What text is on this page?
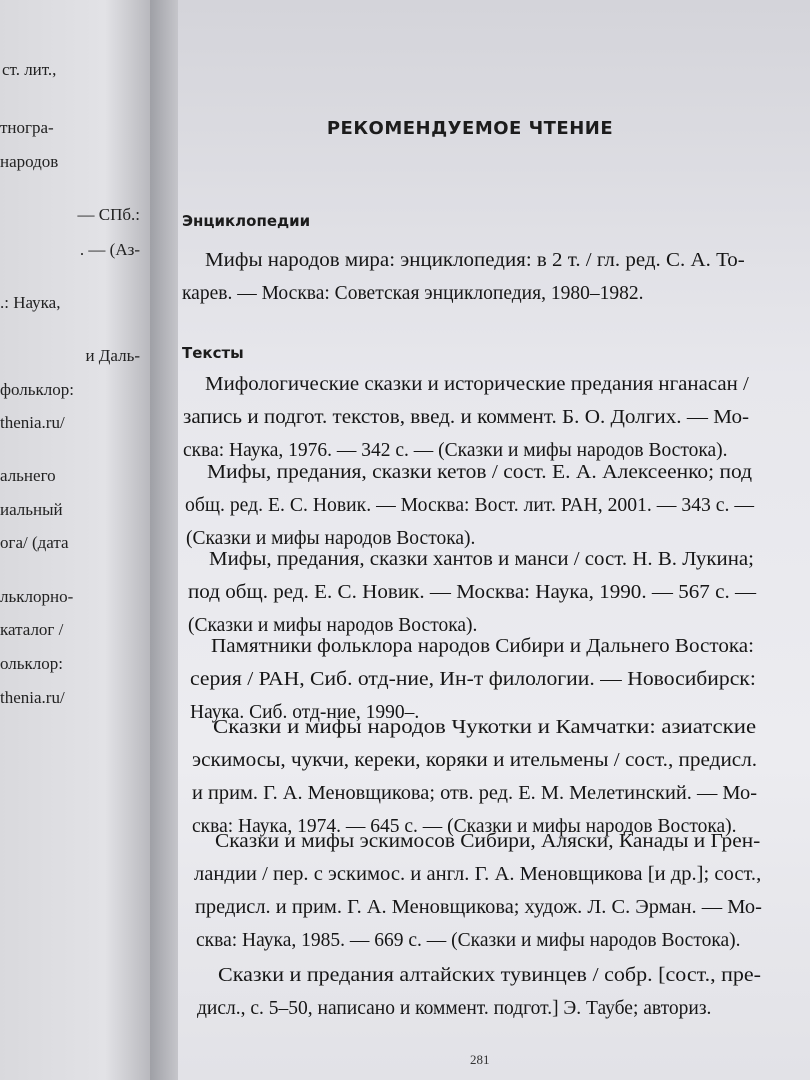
ст. лит.,
тногра-
народов
— СПб.:
. — (Аз-
.: Наука,
и Даль-
фольклор:
thenia.ru/
альнего
иальный
ога/ (дата
льклорно-
каталог /
ольклор:
thenia.ru/
РЕКОМЕНДУЕМОЕ ЧТЕНИЕ
Энциклопедии
Мифы народов мира: энциклопедия: в 2 т. / гл. ред. С. А. То-
карев. — Москва: Советская энциклопедия, 1980–1982.
Тексты
Мифологические сказки и исторические предания нганасан /
запись и подгот. текстов, введ. и коммент. Б. О. Долгих. — Мо-
сква: Наука, 1976. — 342 с. — (Сказки и мифы народов Востока).
Мифы, предания, сказки кетов / сост. Е. А. Алексеенко; под
общ. ред. Е. С. Новик. — Москва: Вост. лит. РАН, 2001. — 343 с. —
(Сказки и мифы народов Востока).
Мифы, предания, сказки хантов и манси / сост. Н. В. Лукина;
под общ. ред. Е. С. Новик. — Москва: Наука, 1990. — 567 с. —
(Сказки и мифы народов Востока).
Памятники фольклора народов Сибири и Дальнего Востока:
серия / РАН, Сиб. отд-ние, Ин-т филологии. — Новосибирск:
Наука. Сиб. отд-ние, 1990–.
Сказки и мифы народов Чукотки и Камчатки: азиатские
эскимосы, чукчи, кереки, коряки и ительмены / сост., предисл.
и прим. Г. А. Меновщикова; отв. ред. Е. М. Мелетинский. — Мо-
сква: Наука, 1974. — 645 с. — (Сказки и мифы народов Востока).
Сказки и мифы эскимосов Сибири, Аляски, Канады и Грен-
ландии / пер. с эскимос. и англ. Г. А. Меновщикова [и др.]; сост.,
предисл. и прим. Г. А. Меновщикова; худож. Л. С. Эрман. — Мо-
сква: Наука, 1985. — 669 с. — (Сказки и мифы народов Востока).
Сказки и предания алтайских тувинцев / собр. [сост., пре-
дисл., с. 5–50, написано и коммент. подгот.] Э. Таубе; авториз.
281
